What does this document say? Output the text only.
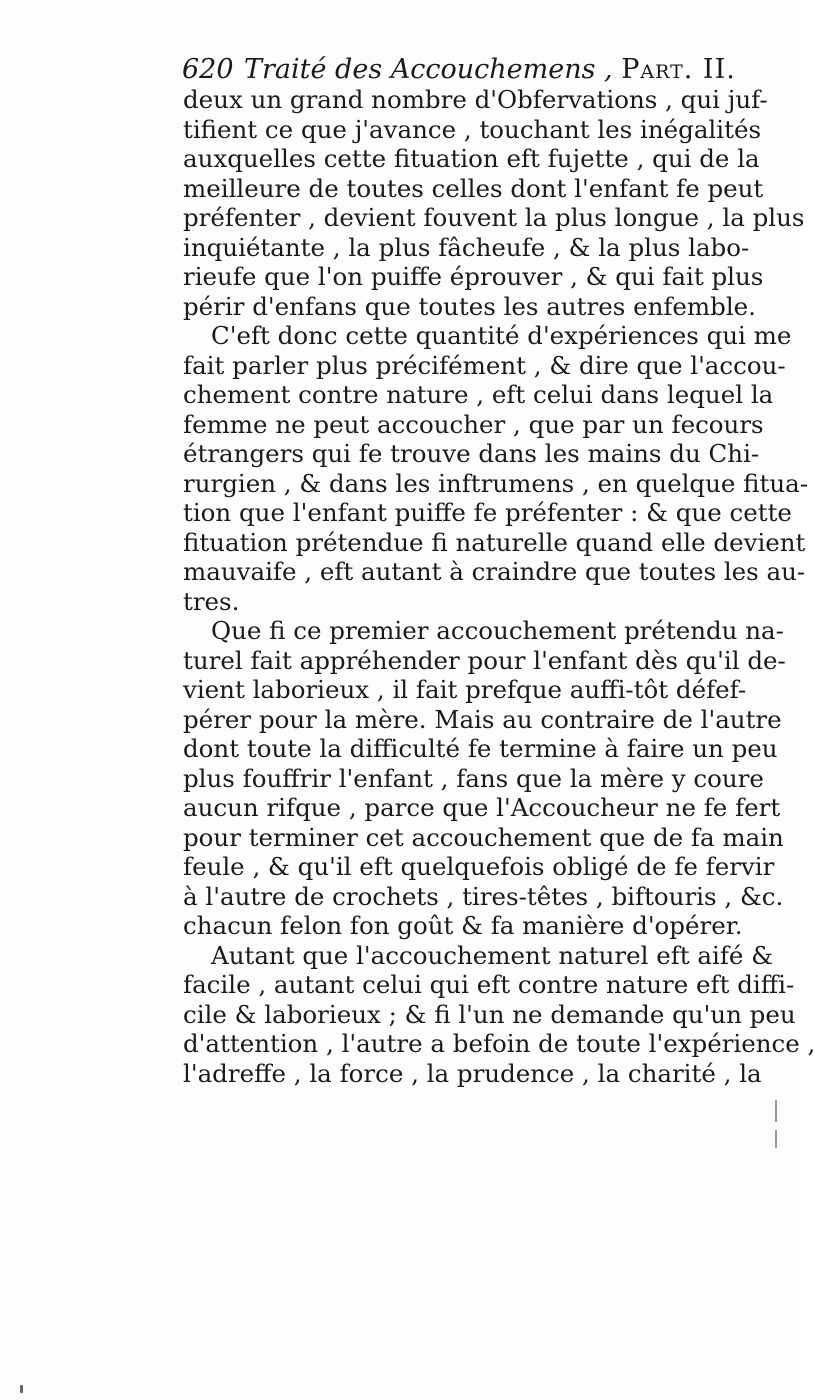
620 Traité des Accouchemens , Part. II.
deux un grand nombre d'Obfervations , qui juf-
tifient ce que j'avance , touchant les inégalités
auxquelles cette fituation eft fujette , qui de la
meilleure de toutes celles dont l'enfant fe peut
préfenter , devient fouvent la plus longue , la plus
inquiétante , la plus fâcheufe , & la plus labo-
rieufe que l'on puiffe éprouver , & qui fait plus
périr d'enfans que toutes les autres enfemble.
C'eft donc cette quantité d'expériences qui me
fait parler plus précifément , & dire que l'accou-
chement contre nature , eft celui dans lequel la
femme ne peut accoucher , que par un fecours
étrangers qui fe trouve dans les mains du Chi-
rurgien , & dans les inftrumens , en quelque fitua-
tion que l'enfant puiffe fe préfenter : & que cette
fituation prétendue fi naturelle quand elle devient
mauvaife , eft autant à craindre que toutes les au-
tres.
Que fi ce premier accouchement prétendu na-
turel fait appréhender pour l'enfant dès qu'il de-
vient laborieux , il fait prefque auffi-tôt défef-
pérer pour la mère. Mais au contraire de l'autre
dont toute la difficulté fe termine à faire un peu
plus fouffrir l'enfant , fans que la mère y coure
aucun rifque , parce que l'Accoucheur ne fe fert
pour terminer cet accouchement que de fa main
feule , & qu'il eft quelquefois obligé de fe fervir
à l'autre de crochets , tires-têtes , biftouris , &c.
chacun felon fon goût & fa manière d'opérer.
Autant que l'accouchement naturel eft aifé &
facile , autant celui qui eft contre nature eft diffi-
cile & laborieux ; & fi l'un ne demande qu'un peu
d'attention , l'autre a befoin de toute l'expérience ,
l'adreffe , la force , la prudence , la charité , la
